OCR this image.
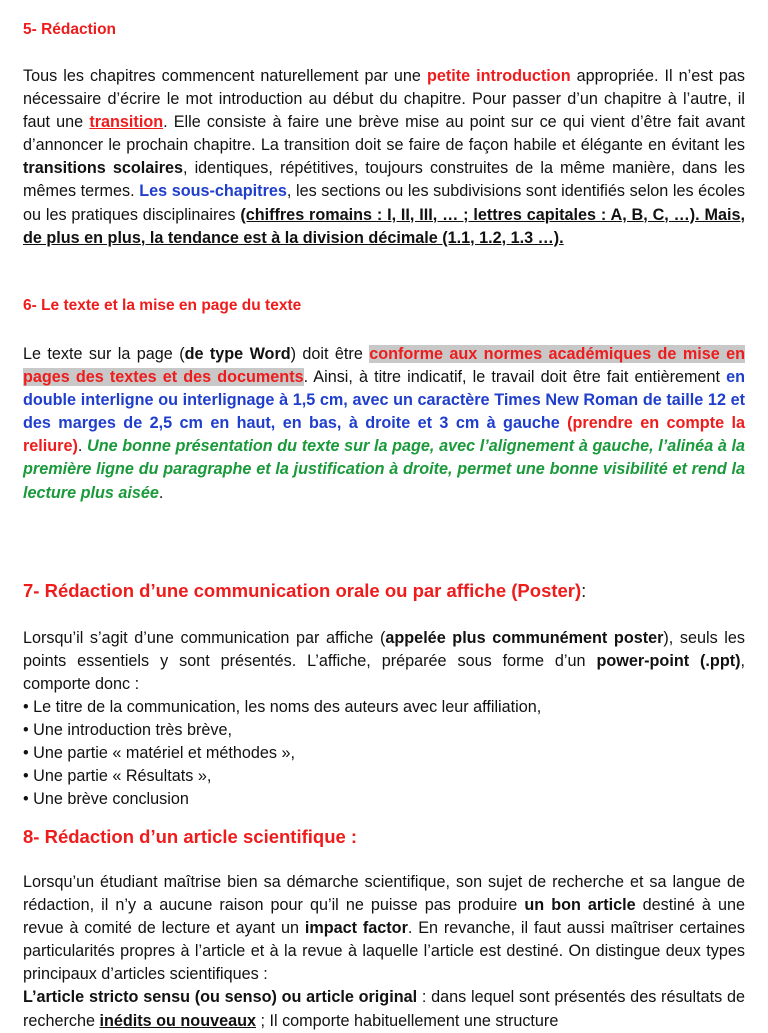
5- Rédaction

Tous les chapitres commencent naturellement par une petite introduction appropriée. Il n’est pas nécessaire d’écrire le mot introduction au début du chapitre. Pour passer d’un chapitre à l’autre, il faut une transition. Elle consiste à faire une brève mise au point sur ce qui vient d’être fait avant d’annoncer le prochain chapitre. La transition doit se faire de façon habile et élégante en évitant les transitions scolaires, identiques, répétitives, toujours construites de la même manière, dans les mêmes termes. Les sous-chapitres, les sections ou les subdivisions sont identifiés selon les écoles ou les pratiques disciplinaires (chiffres romains : I, II, III, … ; lettres capitales : A, B, C, …). Mais, de plus en plus, la tendance est à la division décimale (1.1, 1.2, 1.3 …).

6- Le texte et la mise en page du texte

Le texte sur la page (de type Word) doit être conforme aux normes académiques de mise en pages des textes et des documents. Ainsi, à titre indicatif, le travail doit être fait entièrement en double interligne ou interlignage à 1,5 cm, avec un caractère Times New Roman de taille 12 et des marges de 2,5 cm en haut, en bas, à droite et 3 cm à gauche (prendre en compte la reliure). Une bonne présentation du texte sur la page, avec l’alignement à gauche, l’alinéa à la première ligne du paragraphe et la justification à droite, permet une bonne visibilité et rend la lecture plus aisée.

7- Rédaction d’une communication orale ou par affiche (Poster):

Lorsqu’il s’agit d’une communication par affiche (appelée plus communément poster), seuls les points essentiels y sont présentés. L’affiche, préparée sous forme d’un power-point (.ppt), comporte donc :

• Le titre de la communication, les noms des auteurs avec leur affiliation,
• Une introduction très brève,
• Une partie « matériel et méthodes »,
• Une partie « Résultats »,
• Une brève conclusion
8- Rédaction d’un article scientifique :

Lorsqu’un étudiant maîtrise bien sa démarche scientifique, son sujet de recherche et sa langue de rédaction, il n’y a aucune raison pour qu’il ne puisse pas produire un bon article destiné à une revue à comité de lecture et ayant un impact factor. En revanche, il faut aussi maîtriser certaines particularités propres à l’article et à la revue à laquelle l’article est destiné. On distingue deux types principaux d’articles scientifiques :
L’article stricto sensu (ou senso) ou article original : dans lequel sont présentés des résultats de recherche inédits ou nouveaux ; Il comporte habituellement une structure
